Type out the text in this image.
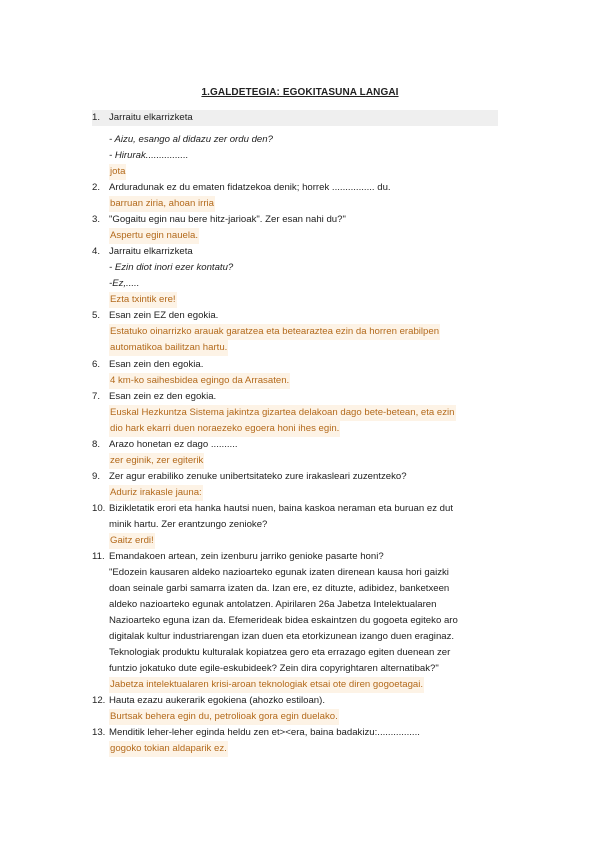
1.GALDETEGIA: EGOKITASUNA LANGAI
1. Jarraitu elkarrizketa

- Aizu, esango al didazu zer ordu den?
- Hirurak................
jota
2. Arduradunak ez du ematen fidatzekoa denik; horrek ................ du.
barruan ziria, ahoan irria
3. "Gogaitu egin nau bere hitz-jarioak". Zer esan nahi du?"
Aspertu egin nauela.
4. Jarraitu elkarrizketa
- Ezin diot inori ezer kontatu?
-Ez,.....
Ezta txintik ere!
5. Esan zein EZ den egokia.
Estatuko oinarrizko arauak garatzea eta betearaztea ezin da horren erabilpen
automatikoa bailitzan hartu.
6. Esan zein den egokia.
4 km-ko saihesbidea egingo da Arrasaten.
7. Esan zein ez den egokia.
Euskal Hezkuntza Sistema jakintza gizartea delakoan dago bete-betean, eta ezin
dio hark ekarri duen noraezeko egoera honi ihes egin.
8. Arazo honetan ez dago ..........
zer eginik, zer egiterik
9. Zer agur erabiliko zenuke unibertsitateko zure irakasleari zuzentzeko?
Aduriz irakasle jauna:
10. Bizikletatik erori eta hanka hautsi nuen, baina kaskoa neraman eta buruan ez dut
minik hartu. Zer erantzungo zenioke?
Gaitz erdi!
11. Emandakoen artean, zein izenburu jarriko genioke pasarte honi?
"Edozein kausaren aldeko nazioarteko egunak izaten direnean kausa hori gaizki
doan seinale garbi samarra izaten da. Izan ere, ez dituzte, adibidez, banketxeen
aldeko nazioarteko egunak antolatzen. Apirilaren 26a Jabetza Intelektualaren
Nazioarteko eguna izan da. Efemerideak bidea eskaintzen du gogoeta egiteko aro
digitalak kultur industriarengan izan duen eta etorkizunean izango duen eraginaz.
Teknologiak produktu kulturalak kopiatzea gero eta errazago egiten duenean zer
funtzio jokatuko dute egile-eskubideek? Zein dira copyrightaren alternatibak?"
Jabetza intelektualaren krisi-aroan teknologiak etsai ote diren gogoetagai.
12. Hauta ezazu aukerarik egokiena (ahozko estiloan).
Burtsak behera egin du, petrolioak gora egin duelako.
13. Menditik leher-leher eginda heldu zen et><era, baina badakizu:................
gogoko tokian aldaparik ez.
